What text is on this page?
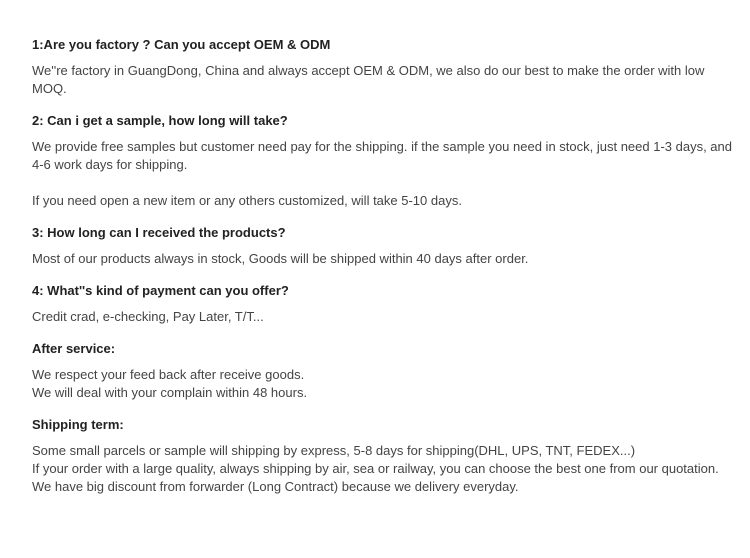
1:Are you factory ? Can you accept OEM & ODM

We''re factory in GuangDong, China and always accept OEM & ODM, we also do our best to make the order with low MOQ.

2: Can i get a sample, how long will take?

We provide free samples but customer need pay for the shipping. if the sample you need in stock, just need 1-3 days, and 4-6 work days for shipping.

If you need open a new item or any others customized, will take 5-10 days.

3: How long can I received the products?

Most of our products always in stock, Goods will be shipped within 40 days after order.

4: What''s kind of payment can you offer?

Credit crad, e-checking, Pay Later, T/T...

After service:

We respect your feed back after receive goods.

We will deal with your complain within 48 hours.

Shipping term:

Some small parcels or sample will shipping by express, 5-8 days for shipping(DHL, UPS, TNT, FEDEX...)

If your order with a large quality, always shipping by air, sea or railway, you can choose the best one from our quotation.

We have big discount from forwarder (Long Contract) because we delivery everyday.
